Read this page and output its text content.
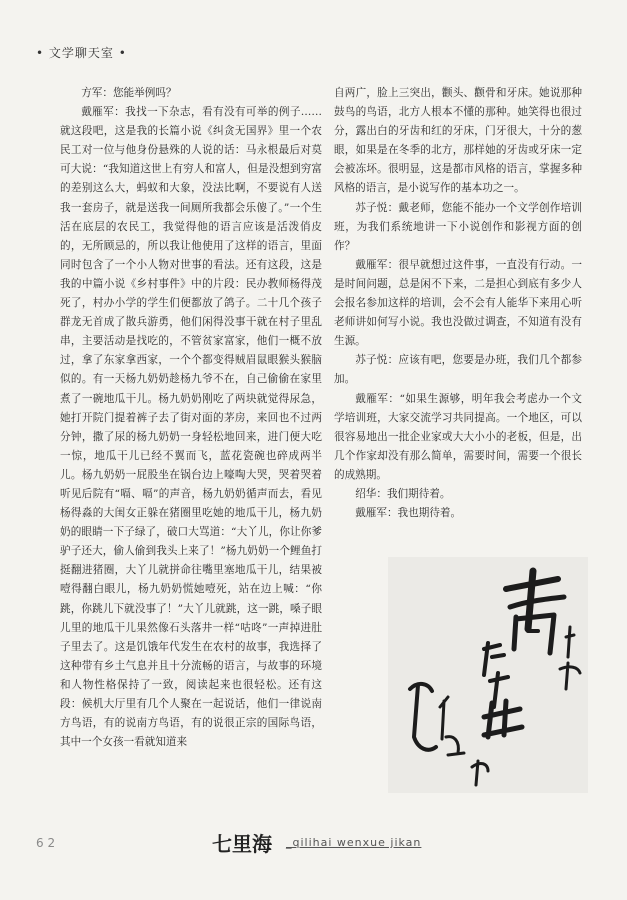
• 文学聊天室 •

方军：您能举例吗？

戴雁军：我找一下杂志，看有没有可举的例子……就这段吧，这是我的长篇小说《纠贪无国界》里一个农民工对一位与他身份悬殊的人说的话：马永根最后对莫可大说：“我知道这世上有穷人和富人，但是没想到穷富的差别这么大，蚂蚁和大象，没法比啊，不要说有人送我一套房子，就是送我一间厕所我都会乐傻了。”一个生活在底层的农民工，我觉得他的语言应该是活泼俏皮的，无所顾忌的，所以我让他使用了这样的语言，里面同时包含了一个小人物对世事的看法。还有这段，这是我的中篇小说《乡村事件》中的片段：民办教师杨得茂死了，村办小学的学生们便都放了鸽子。二十几个孩子群龙无首成了散兵游勇，他们闲得没事干就在村子里乱串，主要活动是找吃的，不管贫家富家，他们一概不放过，拿了东家拿西家，一个个都变得贼眉鼠眼猴头猴脑似的。有一天杨九奶奶趁杨九爷不在，自己偷偷在家里煮了一碗地瓜干儿。杨九奶奶刚吃了两块就觉得尿急，她打开院门提着裤子去了街对面的茅房，来回也不过两分钟，撒了尿的杨九奶奶一身轻松地回来，进门便大吃一惊，地瓜干儿已经不翼而飞，蓝花瓷碗也碎成两半儿。杨九奶奶一屁股坐在锅台边上嚎啕大哭，哭着哭着听见后院有“嗝、嗝”的声音，杨九奶奶循声而去，看见杨得淼的大闺女正躲在猪圈里吃她的地瓜干儿，杨九奶奶的眼睛一下子绿了，破口大骂道：“大丫儿，你让你爹驴子还大，偷人偷到我头上来了！”杨九奶奶一个鲤鱼打挺翻进猪圈，大丫儿就拼命往嘴里塞地瓜干儿，结果被噎得翻白眼儿，杨九奶奶慌她噎死，站在边上喊：“你跳，你跳儿下就没事了！”大丫儿就跳，这一跳，嗓子眼儿里的地瓜干儿果然像石头落井一样“咕咚”一声掉进肚子里去了。这是饥饿年代发生在农村的故事，我选择了这种带有乡土气息并且十分流畅的语言，与故事的环境和人物性格保持了一致，阅读起来也很轻松。还有这段：候机大厅里有几个人聚在一起说话，他们一律说南方鸟语，有的说南方鸟语，有的说很正宗的国际鸟语，其中一个女孩一看就知道来

自两广，脸上三突出，颧头、颧骨和牙床。她说那种鼓鸟的鸟语，北方人根本不懂的那种。她笑得也很过分，露出白的牙齿和红的牙床，门牙很大，十分的葱眼，如果是在冬季的北方，那样她的牙齿或牙床一定会被冻坏。很明显，这是都市风格的语言，掌握多种风格的语言，是小说写作的基本功之一。

苏子悦：戴老师，您能不能办一个文学创作培训班，为我们系统地讲一下小说创作和影视方面的创作？

戴雁军：很早就想过这件事，一直没有行动。一是时间问题，总是闲不下来，二是担心到底有多少人会报名参加这样的培训，会不会有人能华下来用心听老师讲如何写小说。我也没做过调查，不知道有没有生源。

苏子悦：应该有吧，您要是办班，我们几个都参加。

戴雁军：“如果生源够，明年我会考虑办一个文学培训班，大家交流学习共同提高。一个地区，可以很容易地出一批企业家或大大小小的老板，但是，出几个作家却没有那么简单，需要时间，需要一个很长的成熟期。

绍华：我们期待着。

戴雁军：我也期待着。

6 2	七里海 _qilihai wenxue jikan
